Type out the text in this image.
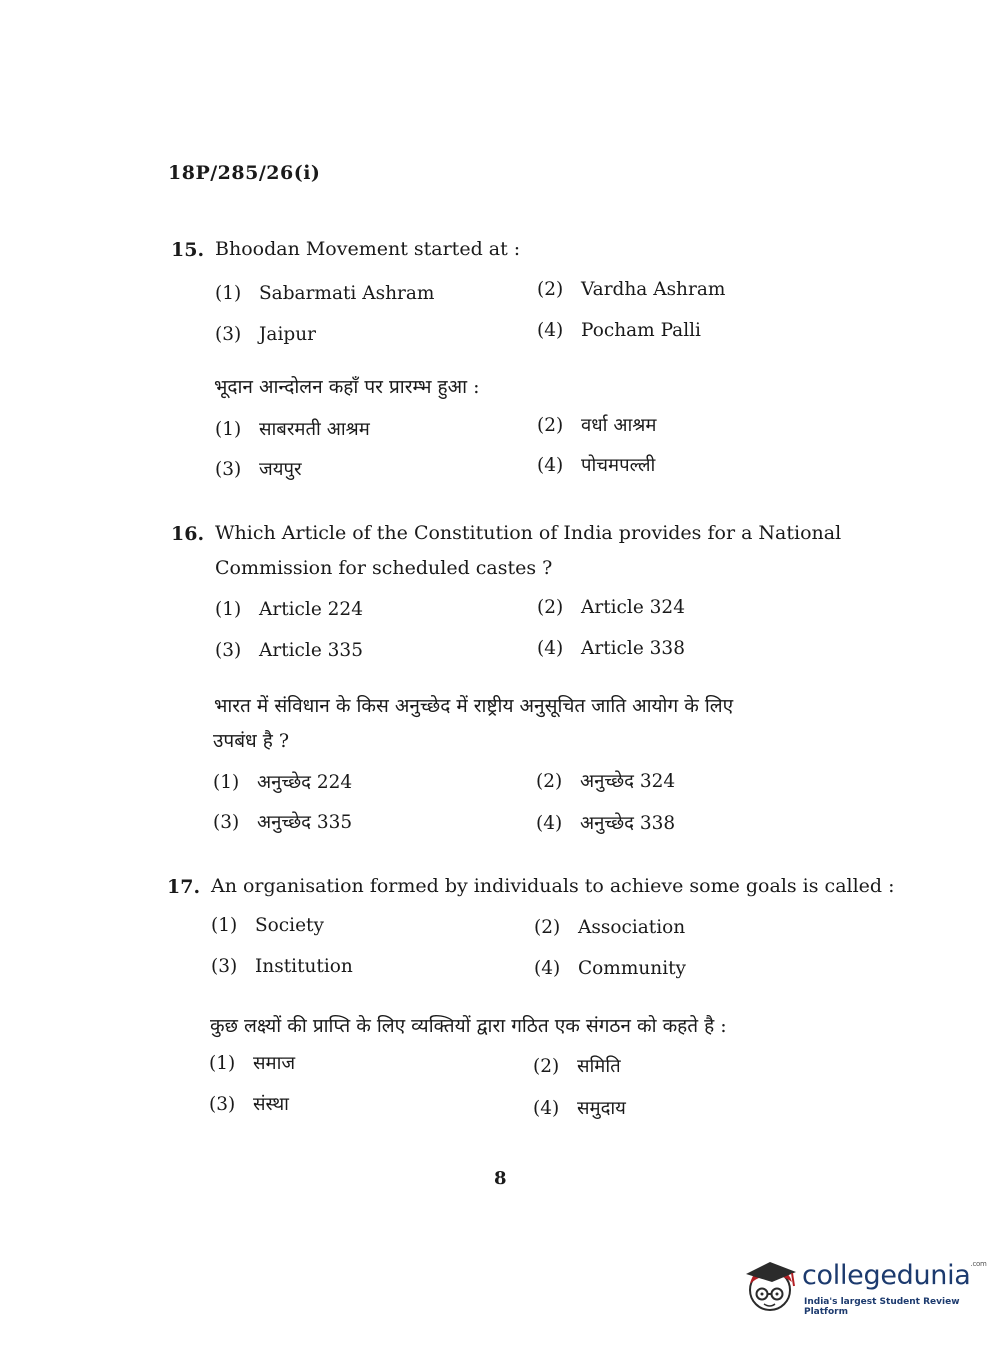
18P/285/26(i)
15. Bhoodan Movement started at :
(1) Sabarmati Ashram	(2) Vardha Ashram
(3) Jaipur	(4) Pocham Palli
भूदान आन्दोलन कहाँ पर प्रारम्भ हुआ :
(1) साबरमती आश्रम	(2) वर्धा आश्रम
(3) जयपुर	(4) पोचमपल्ली
16. Which Article of the Constitution of India provides for a National
Commission for scheduled castes ?
(1) Article 224	(2) Article 324
(3) Article 335	(4) Article 338
भारत में संविधान के किस अनुच्छेद में राष्ट्रीय अनुसूचित जाति आयोग के लिए
उपबंध है ?
(1) अनुच्छेद 224	(2) अनुच्छेद 324
(3) अनुच्छेद 335	(4) अनुच्छेद 338
17. An organisation formed by individuals to achieve some goals is called :
(1) Society	(2) Association
(3) Institution	(4) Community
कुछ लक्ष्यों की प्राप्ति के लिए व्यक्तियों द्वारा गठित एक संगठन को कहते है :
(1) समाज	(2) समिति
(3) संस्था	(4) समुदाय
8
collegedunia$^{.com}$
India's largest Student Review Platform
